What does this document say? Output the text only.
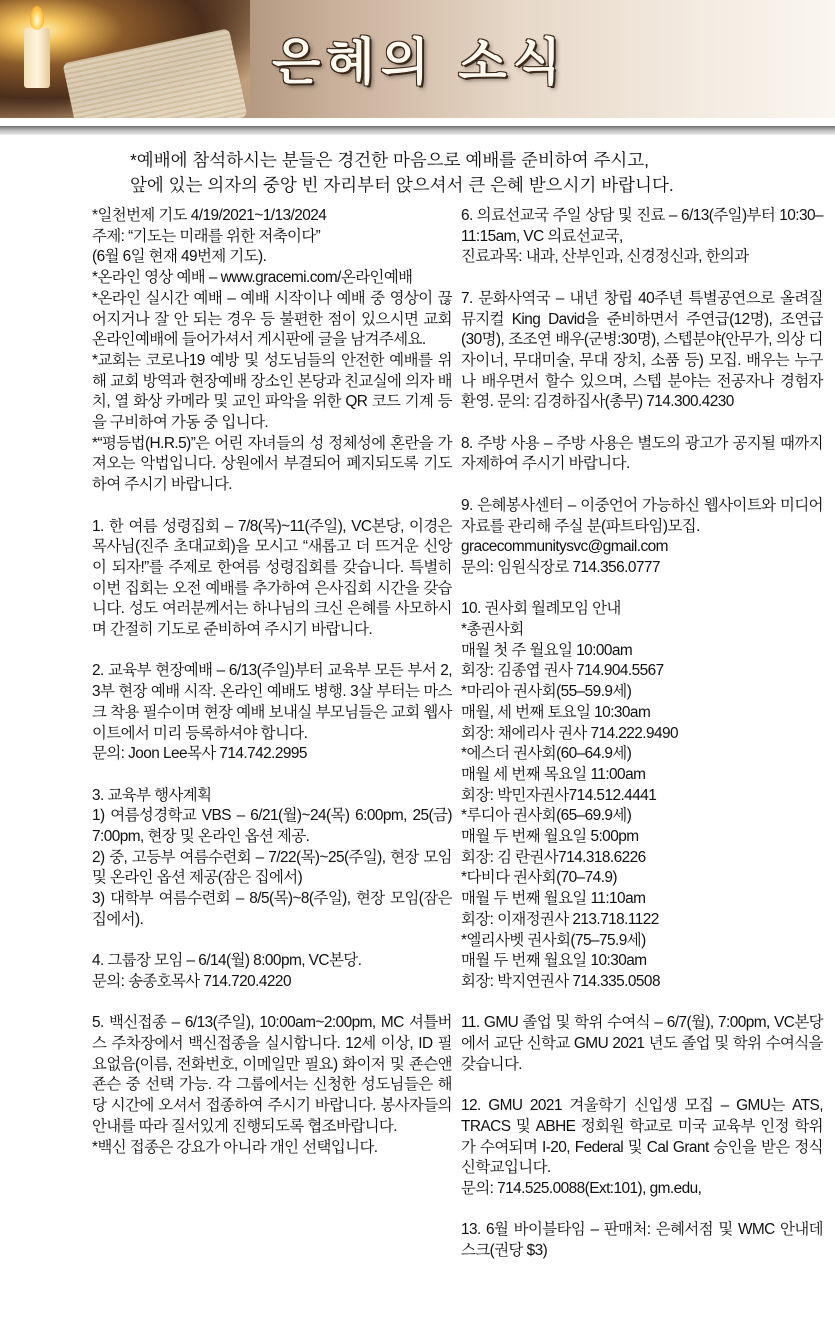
은혜의 소식

*예배에 참석하시는 분들은 경건한 마음으로 예배를 준비하여 주시고,

앞에 있는 의자의 중앙 빈 자리부터 앉으셔서 큰 은혜 받으시기 바랍니다.

*일천번제 기도 4/19/2021~1/13/2024

주제: “기도는 미래를 위한 저축이다”

(6월 6일 현재 49번제 기도).

*온라인 영상 예배 – www.gracemi.com/온라인예배

*온라인 실시간 예배 – 예배 시작이나 예배 중 영상이 끊어지거나 잘 안 되는 경우 등 불편한 점이 있으시면 교회 온라인예배에 들어가셔서 게시판에 글을 남겨주세요.

*교회는 코로나19 예방 및 성도님들의 안전한 예배를 위해 교회 방역과 현장예배 장소인 본당과 친교실에 의자 배치, 열 화상 카메라 및 교인 파악을 위한 QR 코드 기계 등을 구비하여 가동 중 입니다.

*“평등법(H.R.5)”은 어린 자녀들의 성 정체성에 혼란을 가져오는 악법입니다. 상원에서 부결되어 폐지되도록 기도하여 주시기 바랍니다.

1. 한 여름 성령집회 – 7/8(목)~11(주일), VC본당, 이경은 목사님(진주 초대교회)을 모시고 “새롭고 더 뜨거운 신앙이 되자!”를 주제로 한여름 성령집회를 갖습니다. 특별히 이번 집회는 오전 예배를 추가하여 은사집회 시간을 갖습니다. 성도 여러분께서는 하나님의 크신 은혜를 사모하시며 간절히 기도로 준비하여 주시기 바랍니다.

2. 교육부 현장예배 – 6/13(주일)부터 교육부 모든 부서 2, 3부 현장 예배 시작. 온라인 예배도 병행. 3살 부터는 마스크 착용 필수이며 현장 예배 보내실 부모님들은 교회 웹사이트에서 미리 등록하셔야 합니다.

문의: Joon Lee목사 714.742.2995

3. 교육부 행사계획

1) 여름성경학교 VBS – 6/21(월)~24(목) 6:00pm, 25(금) 7:00pm, 현장 및 온라인 옵션 제공.

2) 중, 고등부 여름수련회 – 7/22(목)~25(주일), 현장 모임 및 온라인 옵션 제공(잠은 집에서)

3) 대학부 여름수련회 – 8/5(목)~8(주일), 현장 모임(잠은 집에서).

4. 그룹장 모임 – 6/14(월) 8:00pm, VC본당.

문의: 송종호목사 714.720.4220

5. 백신접종 – 6/13(주일), 10:00am~2:00pm, MC 셔틀버스 주차장에서 백신접종을 실시합니다. 12세 이상, ID 필요없음(이름, 전화번호, 이메일만 필요) 화이저 및 죤슨앤죤슨 중 선택 가능. 각 그룹에서는 신청한 성도님들은 해당 시간에 오셔서 접종하여 주시기 바랍니다. 봉사자들의 안내를 따라 질서있게 진행되도록 협조바랍니다.

*백신 접종은 강요가 아니라 개인 선택입니다.

6. 의료선교국 주일 상담 및 진료 – 6/13(주일)부터 10:30–11:15am, VC 의료선교국,

진료과목: 내과, 산부인과, 신경정신과, 한의과

7. 문화사역국 – 내년 창립 40주년 특별공연으로 올려질 뮤지컬 King David을 준비하면서 주연급(12명), 조연급(30명), 조조연 배우(군병:30명), 스텝분야(안무가, 의상 디자이너, 무대미술, 무대 장치, 소품 등) 모집. 배우는 누구나 배우면서 할수 있으며, 스텝 분야는 전공자나 경험자 환영. 문의: 김경하집사(총무) 714.300.4230

8. 주방 사용 – 주방 사용은 별도의 광고가 공지될 때까지 자제하여 주시기 바랍니다.

9. 은혜봉사센터 – 이중언어 가능하신 웹사이트와 미디어 자료를 관리해 주실 분(파트타임)모집.

gracecommunitysvc@gmail.com

문의: 임원식장로 714.356.0777

10. 권사회 월례모임 안내

*총권사회

매월 첫 주 월요일 10:00am

회장: 김종엽 권사 714.904.5567

*마리아 권사회(55–59.9세)

매월, 세 번째 토요일 10:30am

회장: 채에리사 권사 714.222.9490

*에스더 권사회(60–64.9세)

매월 세 번째 목요일 11:00am

회장: 박민자권사714.512.4441

*루디아 권사회(65–69.9세)

매월 두 번째 월요일 5:00pm

회장: 김 란권사714.318.6226

*다비다 권사회(70–74.9)

매월 두 번째 월요일 11:10am

회장: 이재정권사 213.718.1122

*엘리사벳 권사회(75–75.9세)

매월 두 번째 월요일 10:30am

회장: 박지연권사 714.335.0508

11. GMU 졸업 및 학위 수여식 – 6/7(월), 7:00pm, VC본당에서 교단 신학교 GMU 2021 년도 졸업 및 학위 수여식을 갖습니다.

12. GMU 2021 겨울학기 신입생 모집 – GMU는 ATS, TRACS 및 ABHE 정회원 학교로 미국 교육부 인정 학위가 수여되며 I-20, Federal 및 Cal Grant 승인을 받은 정식 신학교입니다.

문의: 714.525.0088(Ext:101), gm.edu,

13. 6월 바이블타임 – 판매처: 은혜서점 및 WMC 안내데스크(권당 $3)
